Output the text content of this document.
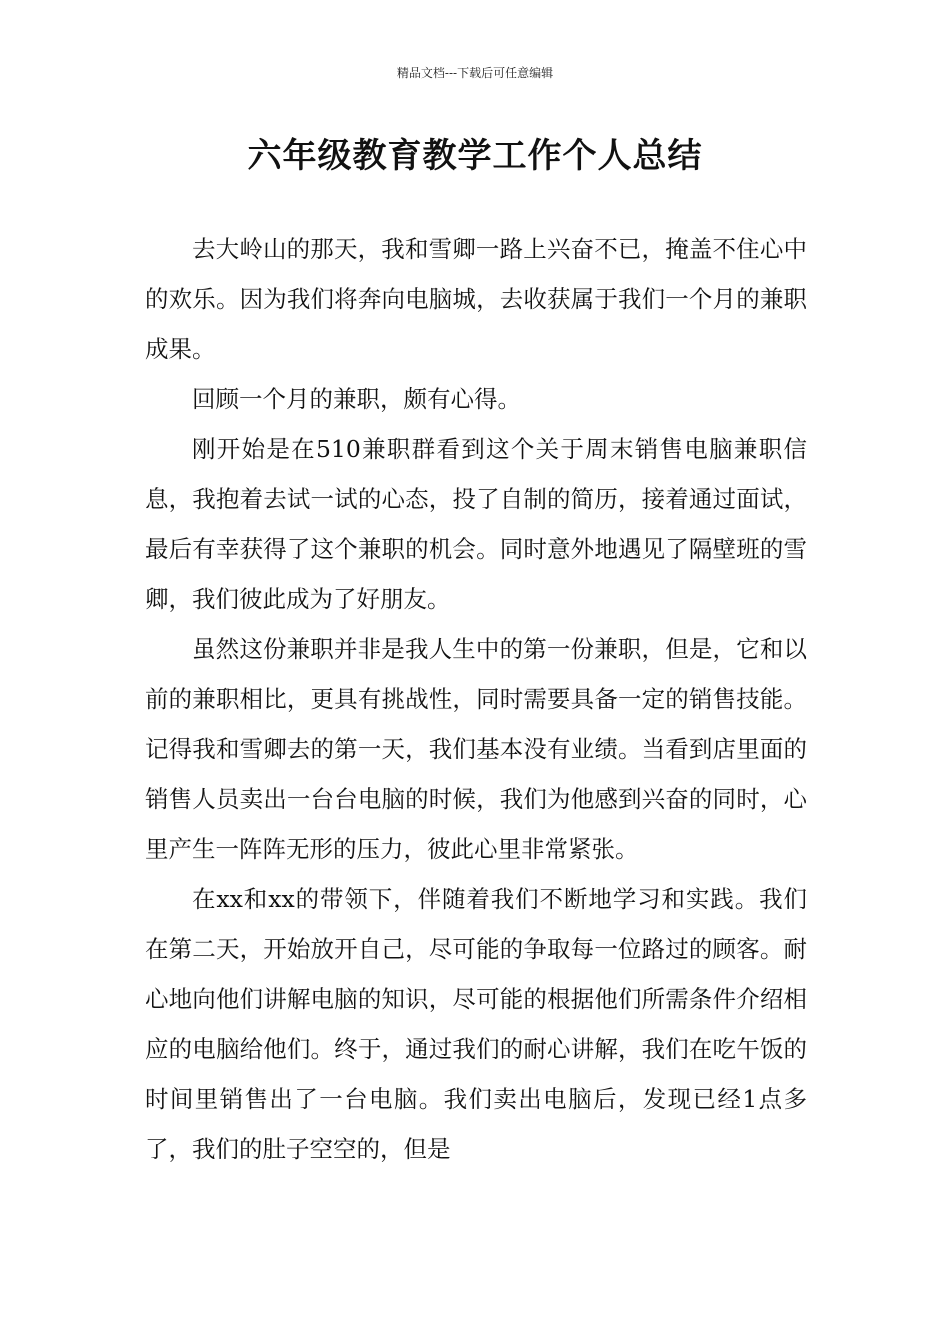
精品文档---下载后可任意编辑
六年级教育教学工作个人总结

去大岭山的那天，我和雪卿一路上兴奋不已，掩盖不住心中的欢乐。因为我们将奔向电脑城，去收获属于我们一个月的兼职成果。

回顾一个月的兼职，颇有心得。

刚开始是在510兼职群看到这个关于周末销售电脑兼职信息，我抱着去试一试的心态，投了自制的简历，接着通过面试，最后有幸获得了这个兼职的机会。同时意外地遇见了隔壁班的雪卿，我们彼此成为了好朋友。

虽然这份兼职并非是我人生中的第一份兼职，但是，它和以前的兼职相比，更具有挑战性，同时需要具备一定的销售技能。记得我和雪卿去的第一天，我们基本没有业绩。当看到店里面的销售人员卖出一台台电脑的时候，我们为他感到兴奋的同时，心里产生一阵阵无形的压力，彼此心里非常紧张。

在xx和xx的带领下，伴随着我们不断地学习和实践。我们在第二天，开始放开自己，尽可能的争取每一位路过的顾客。耐心地向他们讲解电脑的知识，尽可能的根据他们所需条件介绍相应的电脑给他们。终于，通过我们的耐心讲解，我们在吃午饭的时间里销售出了一台电脑。我们卖出电脑后，发现已经1点多了，我们的肚子空空的，但是
